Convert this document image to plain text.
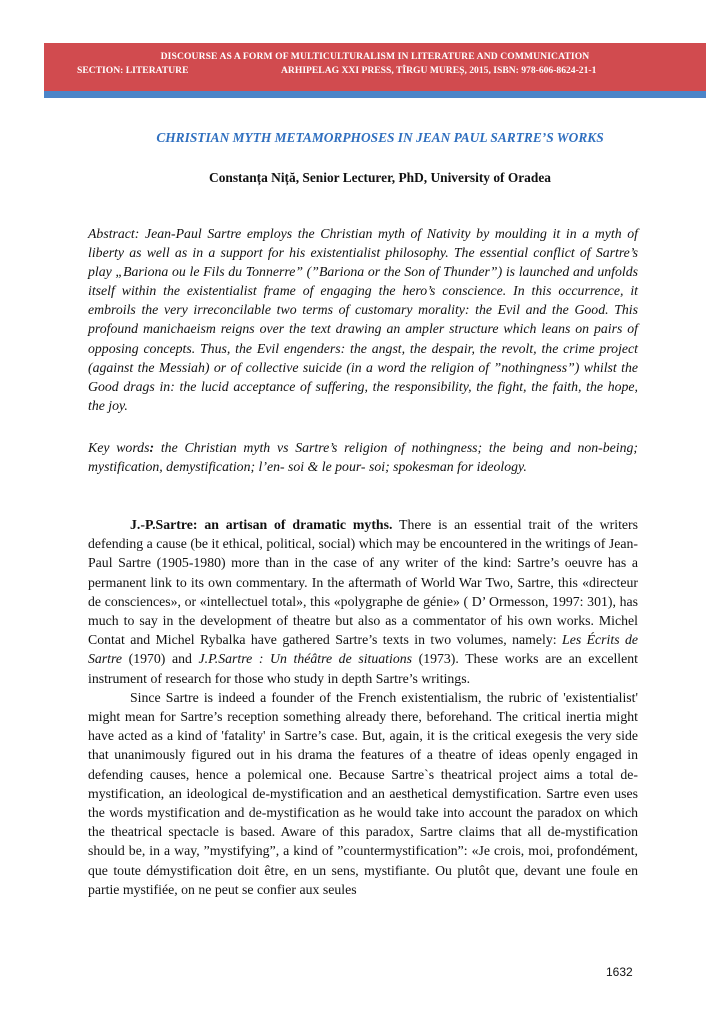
DISCOURSE AS A FORM OF MULTICULTURALISM IN LITERATURE AND COMMUNICATION
SECTION: LITERATURE	ARHIPELAG XXI PRESS, TÎRGU MUREȘ, 2015, ISBN: 978-606-8624-21-1
CHRISTIAN MYTH METAMORPHOSES IN JEAN PAUL SARTRE’S WORKS

Constanța Niță, Senior Lecturer, PhD, University of Oradea

Abstract: Jean-Paul Sartre employs the Christian myth of Nativity by moulding it in a myth of liberty as well as in a support for his existentialist philosophy. The essential conflict of Sartre’s play „Bariona ou le Fils du Tonnerre” (”Bariona or the Son of Thunder”) is launched and unfolds itself within the existentialist frame of engaging the hero’s conscience. In this occurrence, it embroils the very irreconcilable two terms of customary morality: the Evil and the Good. This profound manichaeism reigns over the text drawing an ampler structure which leans on pairs of opposing concepts. Thus, the Evil engenders: the angst, the despair, the revolt, the crime project (against the Messiah) or of collective suicide (in a word the religion of ”nothingness”) whilst the Good drags in: the lucid acceptance of suffering, the responsibility, the fight, the faith, the hope, the joy.

Key words: the Christian myth vs Sartre’s religion of nothingness; the being and non-being; mystification, demystification; l’en- soi & le pour- soi; spokesman for ideology.

J.-P.Sartre: an artisan of dramatic myths. There is an essential trait of the writers defending a cause (be it ethical, political, social) which may be encountered in the writings of Jean-Paul Sartre (1905-1980) more than in the case of any writer of the kind: Sartre’s oeuvre has a permanent link to its own commentary. In the aftermath of World War Two, Sartre, this «directeur de consciences», or «intellectuel total», this «polygraphe de génie» ( D’ Ormesson, 1997: 301), has much to say in the development of theatre but also as a commentator of his own works. Michel Contat and Michel Rybalka have gathered Sartre’s texts in two volumes, namely: Les Écrits de Sartre (1970) and J.P.Sartre : Un théâtre de situations (1973). These works are an excellent instrument of research for those who study in depth Sartre’s writings.

Since Sartre is indeed a founder of the French existentialism, the rubric of 'existentialist' might mean for Sartre’s reception something already there, beforehand. The critical inertia might have acted as a kind of 'fatality' in Sartre’s case. But, again, it is the critical exegesis the very side that unanimously figured out in his drama the features of a theatre of ideas openly engaged in defending causes, hence a polemical one. Because Sartre`s theatrical project aims a total de-mystification, an ideological de-mystification and an aesthetical demystification. Sartre even uses the words mystification and de-mystification as he would take into account the paradox on which the theatrical spectacle is based. Aware of this paradox, Sartre claims that all de-mystification should be, in a way, ”mystifying”, a kind of ”countermystification”: «Je crois, moi, profondément, que toute démystification doit être, en un sens, mystifiante. Ou plutôt que, devant une foule en partie mystifiée, on ne peut se confier aux seules

1632
